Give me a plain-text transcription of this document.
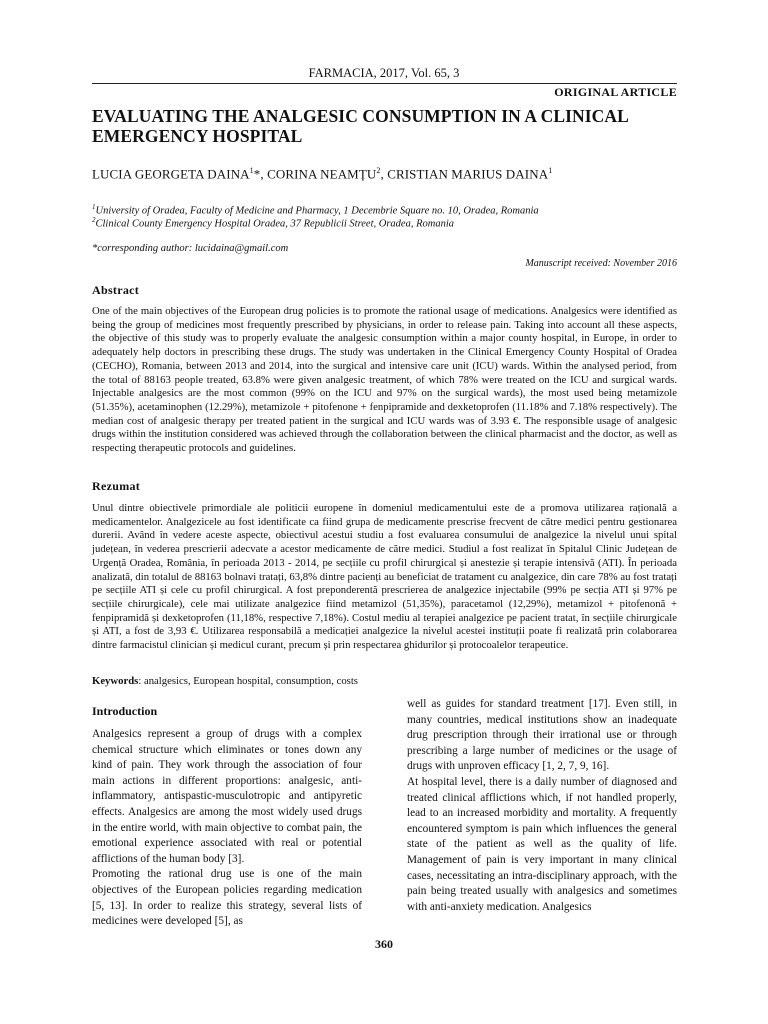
FARMACIA, 2017, Vol. 65, 3
ORIGINAL ARTICLE
EVALUATING THE ANALGESIC CONSUMPTION IN A CLINICAL EMERGENCY HOSPITAL
LUCIA GEORGETA DAINA$^1$*, CORINA NEAMȚU$^2$, CRISTIAN MARIUS DAINA$^1$
$^1$University of Oradea, Faculty of Medicine and Pharmacy, 1 Decembrie Square no. 10, Oradea, Romania
$^2$Clinical County Emergency Hospital Oradea, 37 Republicii Street, Oradea, Romania
*corresponding author: lucidaina@gmail.com
Manuscript received: November 2016
Abstract
One of the main objectives of the European drug policies is to promote the rational usage of medications. Analgesics were identified as being the group of medicines most frequently prescribed by physicians, in order to release pain. Taking into account all these aspects, the objective of this study was to properly evaluate the analgesic consumption within a major county hospital, in Europe, in order to adequately help doctors in prescribing these drugs. The study was undertaken in the Clinical Emergency County Hospital of Oradea (CECHO), Romania, between 2013 and 2014, into the surgical and intensive care unit (ICU) wards. Within the analysed period, from the total of 88163 people treated, 63.8% were given analgesic treatment, of which 78% were treated on the ICU and surgical wards. Injectable analgesics are the most common (99% on the ICU and 97% on the surgical wards), the most used being metamizole (51.35%), acetaminophen (12.29%), metamizole + pitofenone + fenpipramide and dexketoprofen (11.18% and 7.18% respectively). The median cost of analgesic therapy per treated patient in the surgical and ICU wards was of 3.93 €. The responsible usage of analgesic drugs within the institution considered was achieved through the collaboration between the clinical pharmacist and the doctor, as well as respecting therapeutic protocols and guidelines.
Rezumat
Unul dintre obiectivele primordiale ale politicii europene în domeniul medicamentului este de a promova utilizarea rațională a medicamentelor. Analgezicele au fost identificate ca fiind grupa de medicamente prescrise frecvent de către medici pentru gestionarea durerii. Având în vedere aceste aspecte, obiectivul acestui studiu a fost evaluarea consumului de analgezice la nivelul unui spital județean, în vederea prescrierii adecvate a acestor medicamente de către medici. Studiul a fost realizat în Spitalul Clinic Județean de Urgență Oradea, România, în perioada 2013 - 2014, pe secțiile cu profil chirurgical și anestezie și terapie intensivă (ATI). În perioada analizată, din totalul de 88163 bolnavi tratați, 63,8% dintre pacienți au beneficiat de tratament cu analgezice, din care 78% au fost tratați pe secțiile ATI și cele cu profil chirurgical. A fost preponderentă prescrierea de analgezice injectabile (99% pe secția ATI și 97% pe secțiile chirurgicale), cele mai utilizate analgezice fiind metamizol (51,35%), paracetamol (12,29%), metamizol + pitofenonă + fenpipramidă și dexketoprofen (11,18%, respective 7,18%). Costul mediu al terapiei analgezice pe pacient tratat, în secțiile chirurgicale și ATI, a fost de 3,93 €. Utilizarea responsabilă a medicației analgezice la nivelul acestei instituții poate fi realizată prin colaborarea dintre farmacistul clinician și medicul curant, precum și prin respectarea ghidurilor și protocoalelor terapeutice.
Keywords: analgesics, European hospital, consumption, costs
Introduction

Analgesics represent a group of drugs with a complex chemical structure which eliminates or tones down any kind of pain. They work through the association of four main actions in different proportions: analgesic, anti-inflammatory, antispastic-musculotropic and antipyretic effects. Analgesics are among the most widely used drugs in the entire world, with main objective to combat pain, the emotional experience associated with real or potential afflictions of the human body [3].

Promoting the rational drug use is one of the main objectives of the European policies regarding medication [5, 13]. In order to realize this strategy, several lists of medicines were developed [5], as

well as guides for standard treatment [17]. Even still, in many countries, medical institutions show an inadequate drug prescription through their irrational use or through prescribing a large number of medicines or the usage of drugs with unproven efficacy [1, 2, 7, 9, 16].

At hospital level, there is a daily number of diagnosed and treated clinical afflictions which, if not handled properly, lead to an increased morbidity and mortality. A frequently encountered symptom is pain which influences the general state of the patient as well as the quality of life. Management of pain is very important in many clinical cases, necessitating an intra-disciplinary approach, with the pain being treated usually with analgesics and sometimes with anti-anxiety medication. Analgesics

360
